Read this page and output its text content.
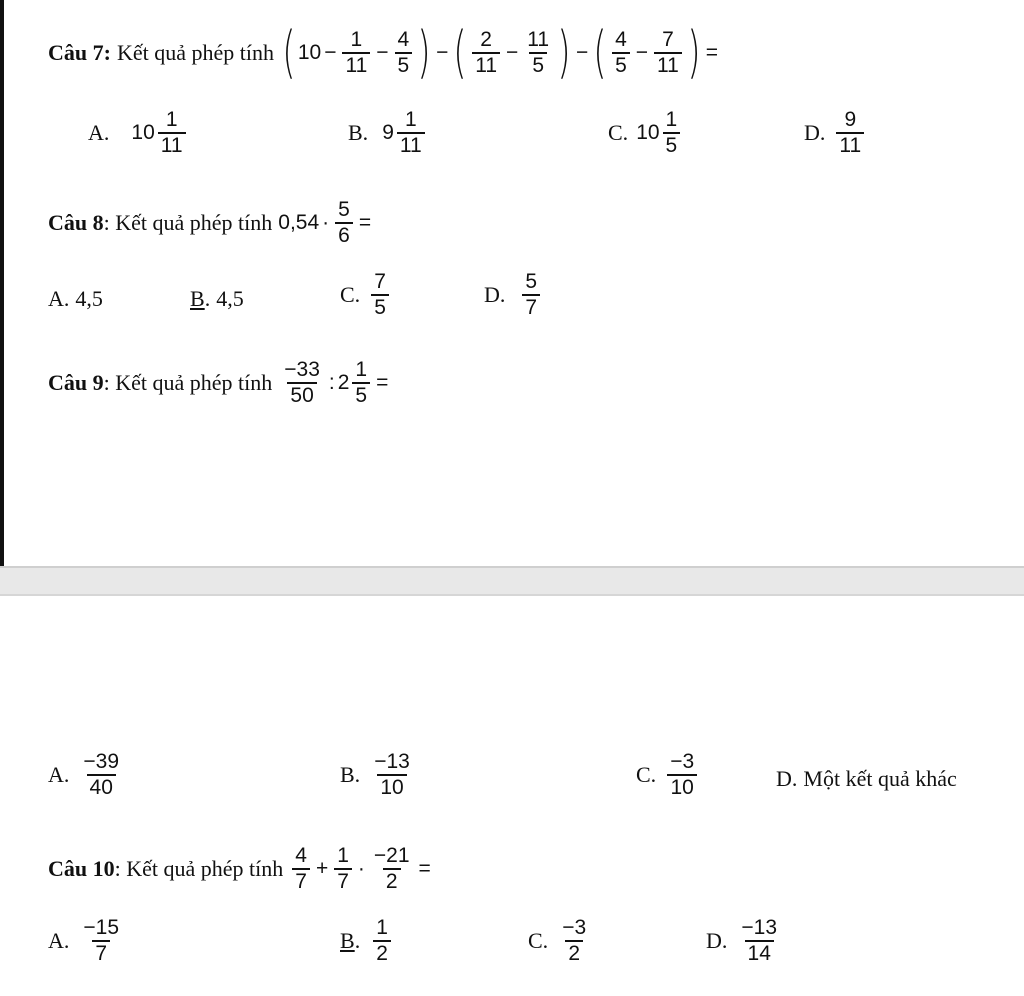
Câu 7: Kết quả phép tính ( $10 - \frac{1}{11} - \frac{4}{5}$ ) − ( $\frac{2}{11} - \frac{11}{5}$ ) − ( $\frac{4}{5} - \frac{7}{11}$ ) =
A. $10 \frac{1}{11}$	B. $9 \frac{1}{11}$	C. $10 \frac{1}{5}$	D. $\frac{9}{11}$
Câu 8 : Kết quả phép tính $0,54 \cdot \frac{5}{6}$ =
A. 4,5	B . 4,5	C. $\frac{7}{5}$	D. $\frac{5}{7}$
Câu 9 : Kết quả phép tính $\frac{-33}{50}$ : $2 \frac{1}{5}$ =
A. $\frac{-39}{40}$	B. $\frac{-13}{10}$	C. $\frac{-3}{10}$	D. Một kết quả khác
Câu 10 : Kết quả phép tính $\frac{4}{7} + \frac{1}{7} \cdot \frac{-21}{2}$ =
A. $\frac{-15}{7}$	B . $\frac{1}{2}$	C. $\frac{-3}{2}$	D. $\frac{-13}{14}$
